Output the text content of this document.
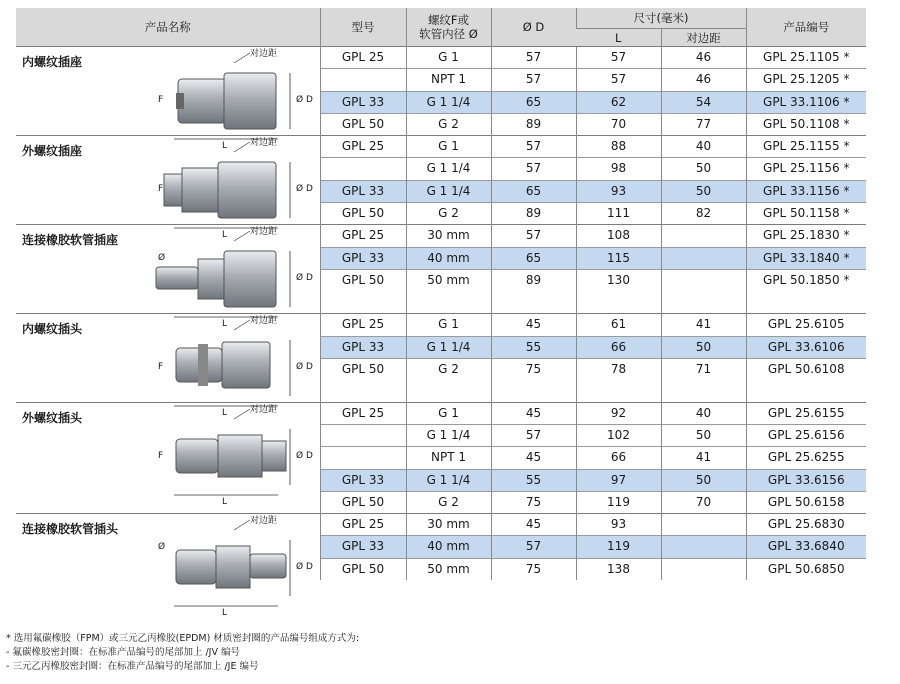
产品名称	型号	螺纹F或
软管内径 Ø	Ø D	尺寸(毫米)		产品编号
				L	对边距	

内螺纹插座
对边距
L
Ø D
F	GPL 25	G 1	57	57	46	GPL 25.1105 *
		NPT 1	57	57	46	GPL 25.1205 *
	GPL 33	G 1 1/4	65	62	54	GPL 33.1106 *
	GPL 50	G 2	89	70	77	GPL 50.1108 *

外螺纹插座
对边距
L
Ø D
F	GPL 25	G 1	57	88	40	GPL 25.1155 *
		G 1 1/4	57	98	50	GPL 25.1156 *
	GPL 33	G 1 1/4	65	93	50	GPL 33.1156 *
	GPL 50	G 2	89	111	82	GPL 50.1158 *

连接橡胶软管插座
对边距
L
Ø D
Ø	GPL 25	30 mm	57	108		GPL 25.1830 *
	GPL 33	40 mm	65	115		GPL 33.1840 *
	GPL 50	50 mm	89	130		GPL 50.1850 *

内螺纹插头
对边距
L
Ø D
F	GPL 25	G 1	45	61	41	GPL 25.6105
	GPL 33	G 1 1/4	55	66	50	GPL 33.6106
	GPL 50	G 2	75	78	71	GPL 50.6108

外螺纹插头
对边距
L
Ø D
F	GPL 25	G 1	45	92	40	GPL 25.6155
		G 1 1/4	57	102	50	GPL 25.6156
		NPT 1	45	66	41	GPL 25.6255
	GPL 33	G 1 1/4	55	97	50	GPL 33.6156
	GPL 50	G 2	75	119	70	GPL 50.6158

连接橡胶软管插头
对边距
L
Ø D
Ø	GPL 25	30 mm	45	93		GPL 25.6830
	GPL 33	40 mm	57	119		GPL 33.6840
	GPL 50	50 mm	75	138		GPL 50.6850
* 选用氟碳橡胶（FPM）或三元乙丙橡胶(EPDM) 材质密封圈的产品编号组成方式为:
- 氟碳橡胶密封圈：在标准产品编号的尾部加上 /JV 编号
- 三元乙丙橡胶密封圈：在标准产品编号的尾部加上 /JE 编号
